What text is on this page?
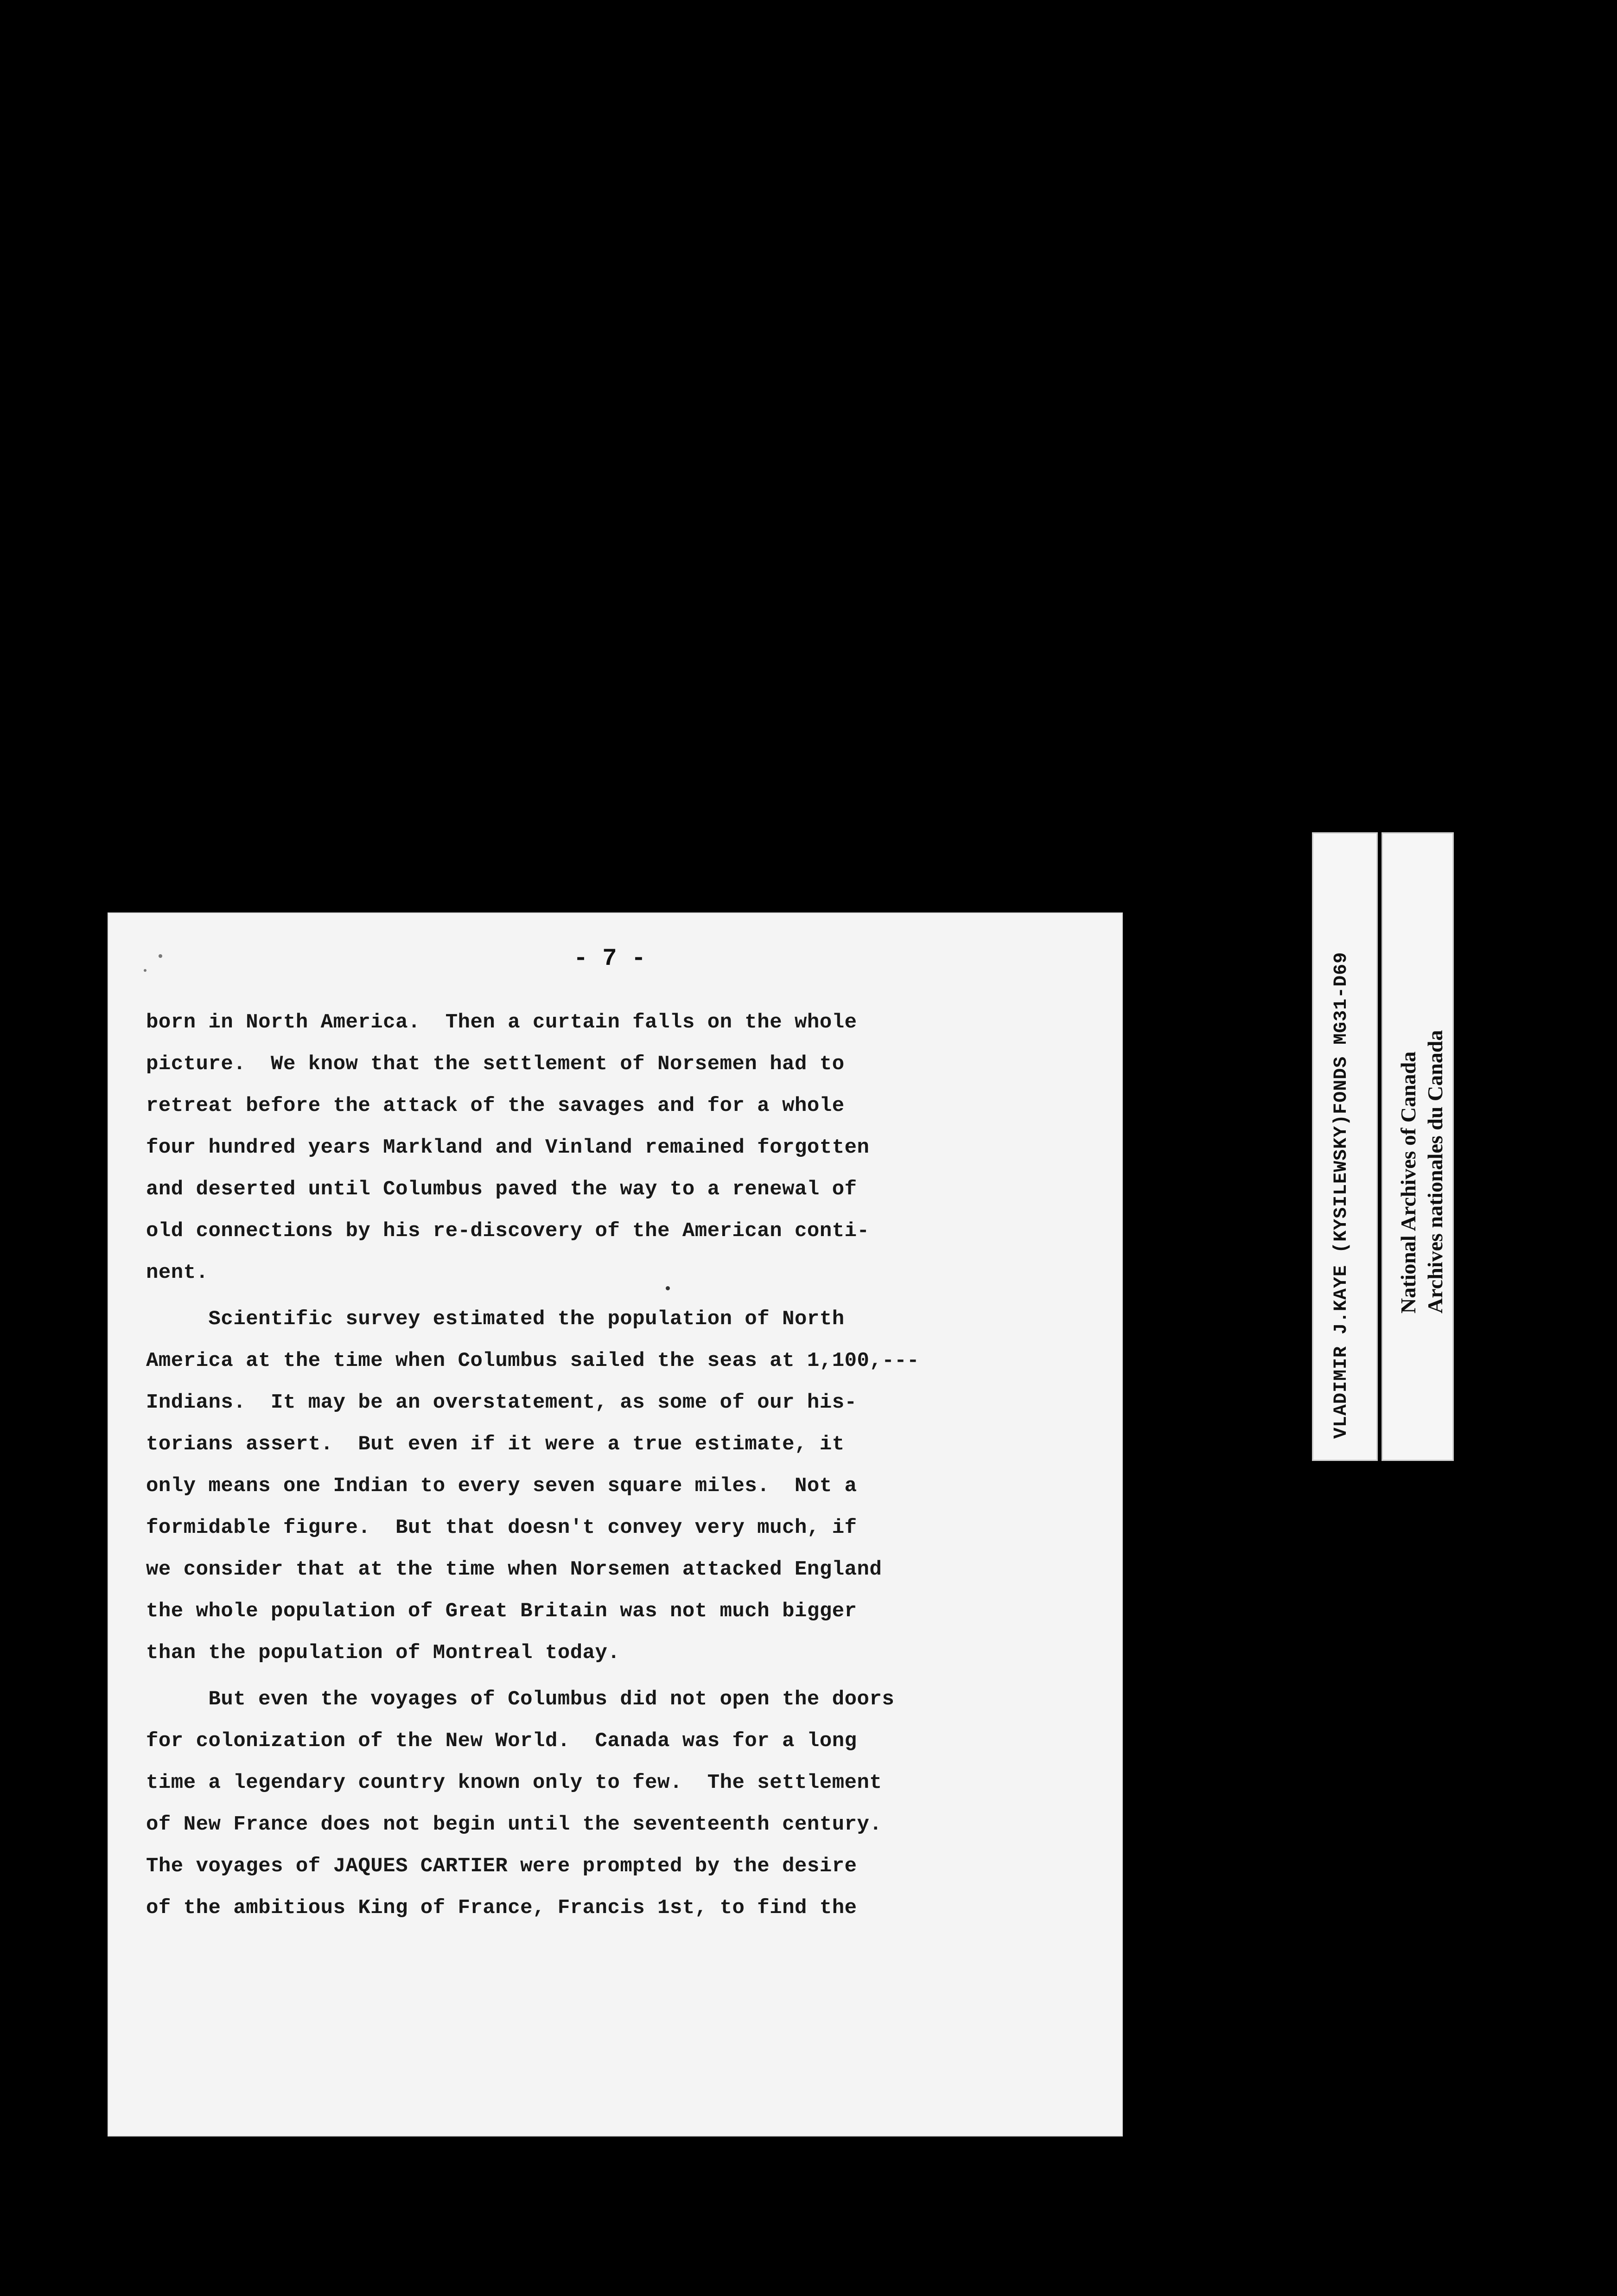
- 7 -
born in North America.  Then a curtain falls on the whole
picture.  We know that the settlement of Norsemen had to
retreat before the attack of the savages and for a whole
four hundred years Markland and Vinland remained forgotten
and deserted until Columbus paved the way to a renewal of
old connections by his re-discovery of the American conti-
nent.
Scientific survey estimated the population of North
America at the time when Columbus sailed the seas at 1,100,---
Indians.  It may be an overstatement, as some of our his-
torians assert.  But even if it were a true estimate, it
only means one Indian to every seven square miles.  Not a
formidable figure.  But that doesn't convey very much, if
we consider that at the time when Norsemen attacked England
the whole population of Great Britain was not much bigger
than the population of Montreal today.
But even the voyages of Columbus did not open the doors
for colonization of the New World.  Canada was for a long
time a legendary country known only to few.  The settlement
of New France does not begin until the seventeenth century.
The voyages of JAQUES CARTIER were prompted by the desire
of the ambitious King of France, Francis 1st, to find the
VLADIMIR J.KAYE (KYSILEWSKY)FONDS MG31-D69 National Archives of Canada Archives nationales du Canada
